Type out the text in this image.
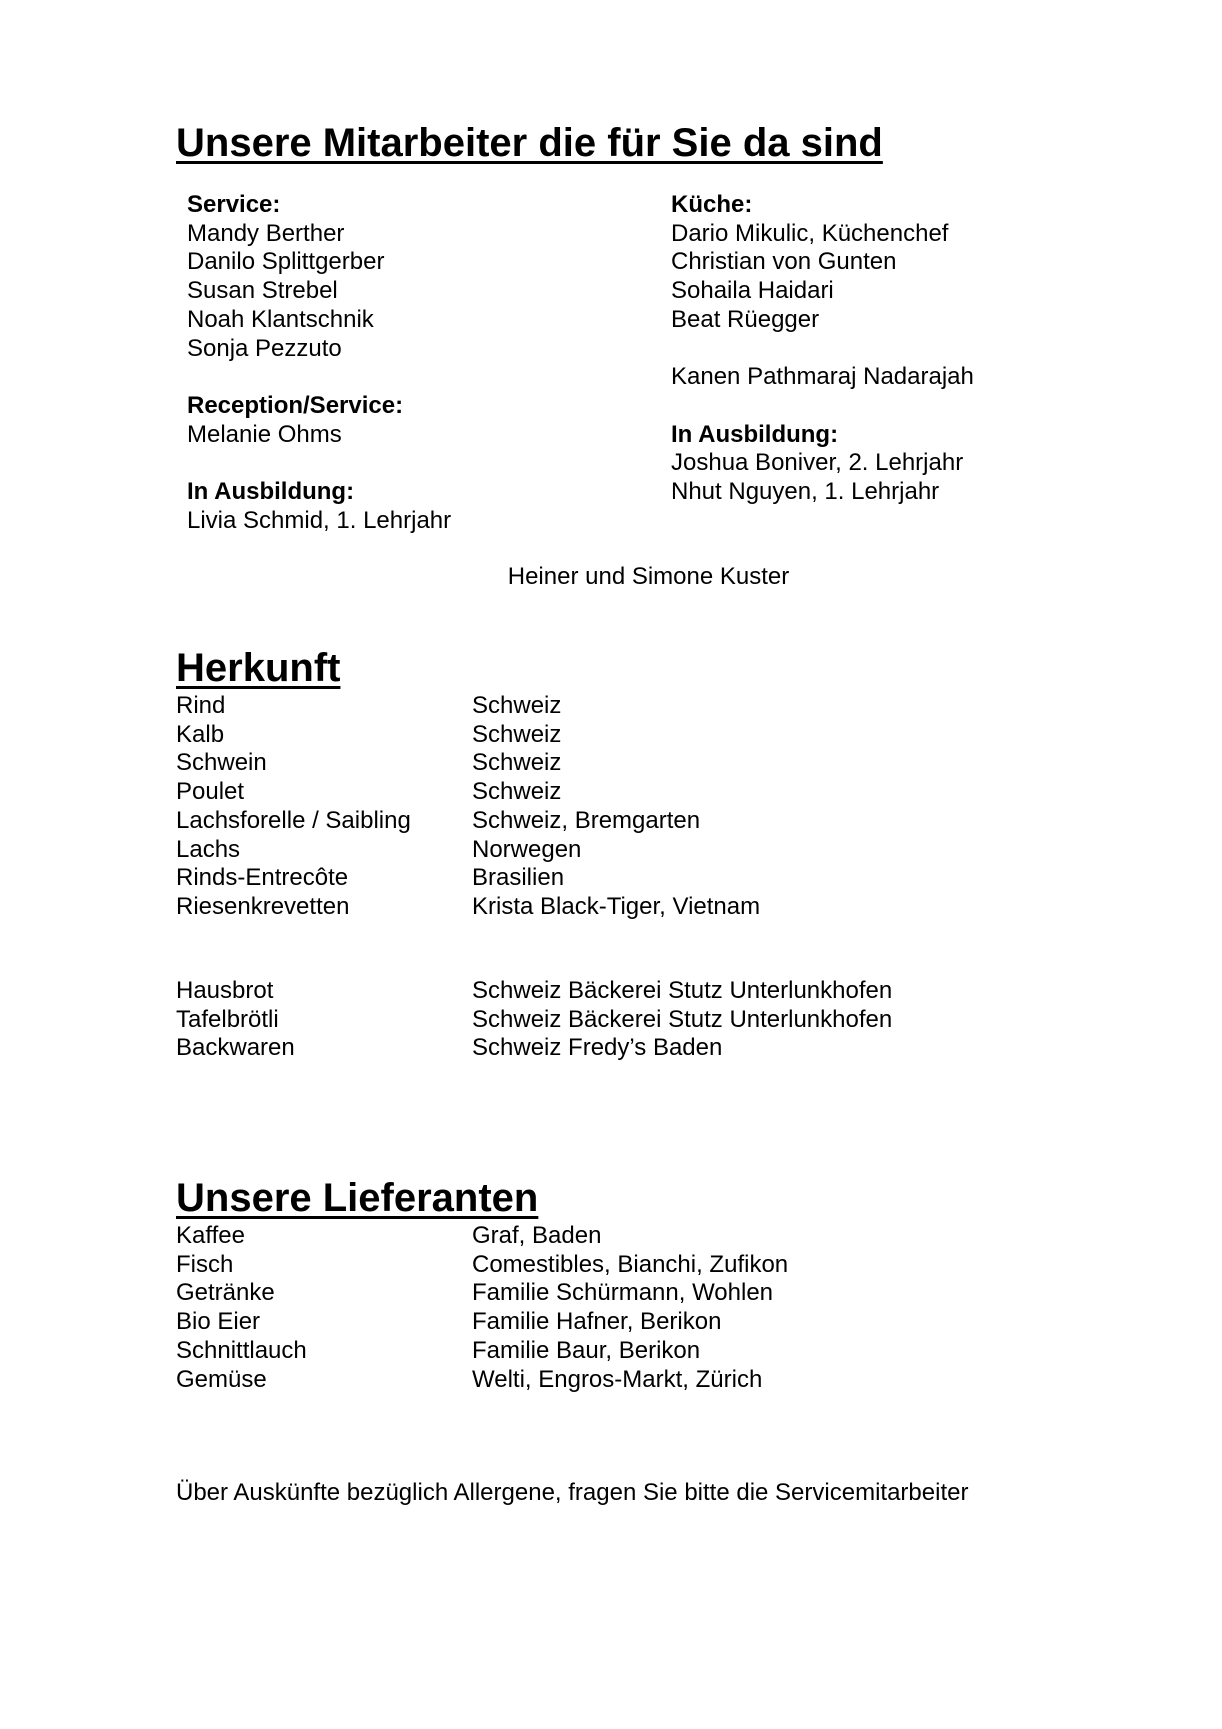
Unsere Mitarbeiter die für Sie da sind
Service:
Mandy Berther
Danilo Splittgerber
Susan Strebel
Noah Klantschnik
Sonja Pezzuto
Reception/Service:
Melanie Ohms
In Ausbildung:
Livia Schmid, 1. Lehrjahr
Küche:
Dario Mikulic, Küchenchef
Christian von Gunten
Sohaila Haidari
Beat Rüegger
Kanen Pathmaraj Nadarajah
In Ausbildung:
Joshua Boniver, 2. Lehrjahr
Nhut Nguyen, 1. Lehrjahr
Heiner und Simone Kuster
Herkunft
Rind	Schweiz
Kalb	Schweiz
Schwein	Schweiz
Poulet	Schweiz
Lachsforelle / Saibling	Schweiz, Bremgarten
Lachs	Norwegen
Rinds-Entrecôte	Brasilien
Riesenkrevetten	Krista Black-Tiger, Vietnam
Hausbrot	Schweiz Bäckerei Stutz Unterlunkhofen
Tafelbrötli	Schweiz Bäckerei Stutz Unterlunkhofen
Backwaren	Schweiz Fredy’s Baden
Unsere Lieferanten
Kaffee	Graf, Baden
Fisch	Comestibles, Bianchi, Zufikon
Getränke	Familie Schürmann, Wohlen
Bio Eier	Familie Hafner, Berikon
Schnittlauch	Familie Baur, Berikon
Gemüse	Welti, Engros-Markt, Zürich
Über Auskünfte bezüglich Allergene, fragen Sie bitte die Servicemitarbeiter
